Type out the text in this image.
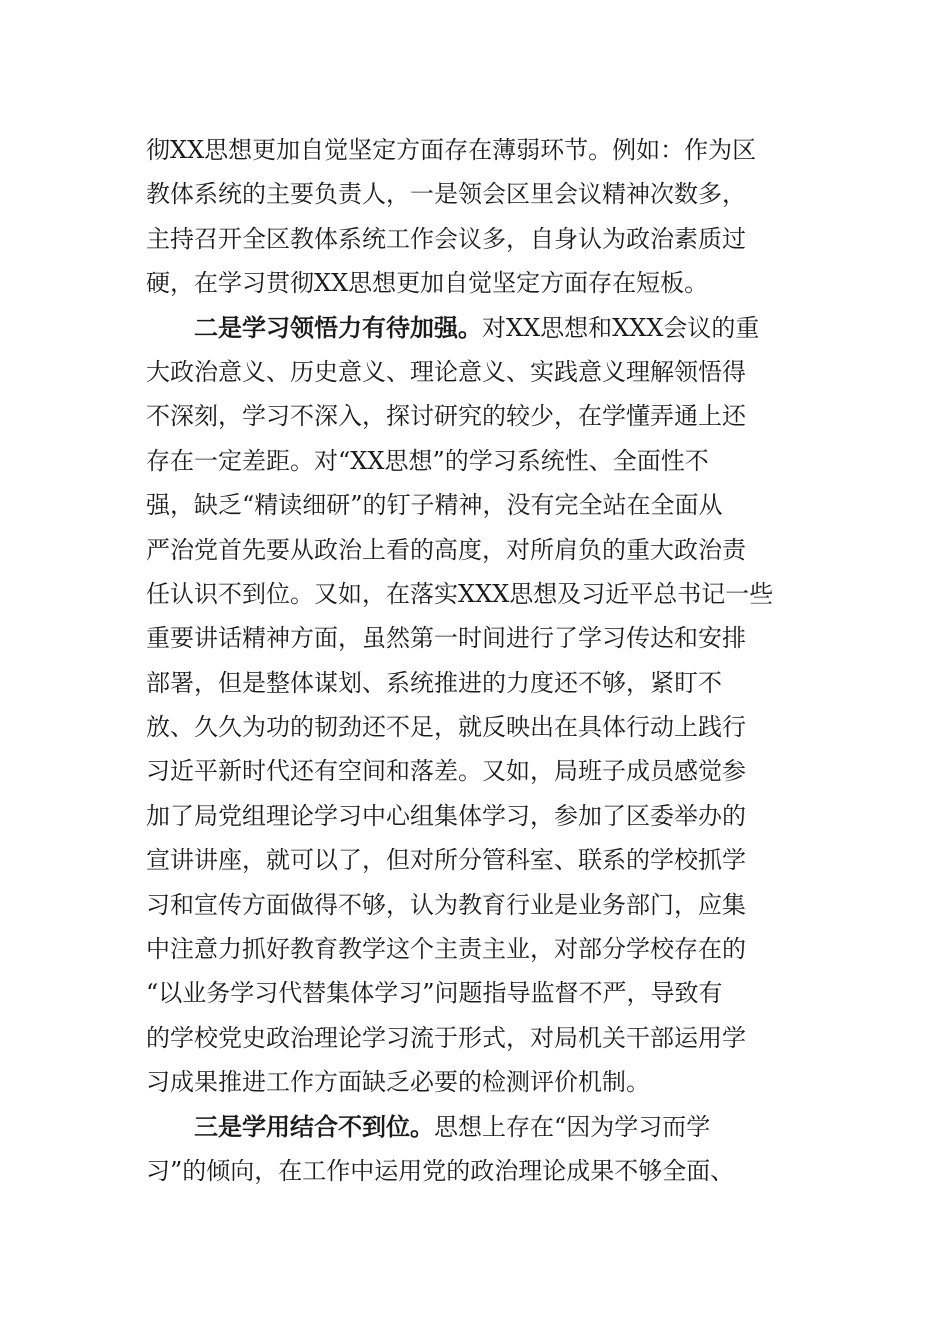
彻XX思想更加自觉坚定方面存在薄弱环节。例如：作为区
教体系统的主要负责人，一是领会区里会议精神次数多，
主持召开全区教体系统工作会议多，自身认为政治素质过
硬，在学习贯彻XX思想更加自觉坚定方面存在短板。
二是学习领悟力有待加强。对XX思想和XXX会议的重
大政治意义、历史意义、理论意义、实践意义理解领悟得
不深刻，学习不深入，探讨研究的较少，在学懂弄通上还
存在一定差距。对“XX思想”的学习系统性、全面性不
强，缺乏“精读细研”的钉子精神，没有完全站在全面从
严治党首先要从政治上看的高度，对所肩负的重大政治责
任认识不到位。又如，在落实XXX思想及习近平总书记一些
重要讲话精神方面，虽然第一时间进行了学习传达和安排
部署，但是整体谋划、系统推进的力度还不够，紧盯不
放、久久为功的韧劲还不足，就反映出在具体行动上践行
习近平新时代还有空间和落差。又如，局班子成员感觉参
加了局党组理论学习中心组集体学习，参加了区委举办的
宣讲讲座，就可以了，但对所分管科室、联系的学校抓学
习和宣传方面做得不够，认为教育行业是业务部门，应集
中注意力抓好教育教学这个主责主业，对部分学校存在的
“以业务学习代替集体学习”问题指导监督不严，导致有
的学校党史政治理论学习流于形式，对局机关干部运用学
习成果推进工作方面缺乏必要的检测评价机制。
三是学用结合不到位。思想上存在“因为学习而学
习”的倾向，在工作中运用党的政治理论成果不够全面、
